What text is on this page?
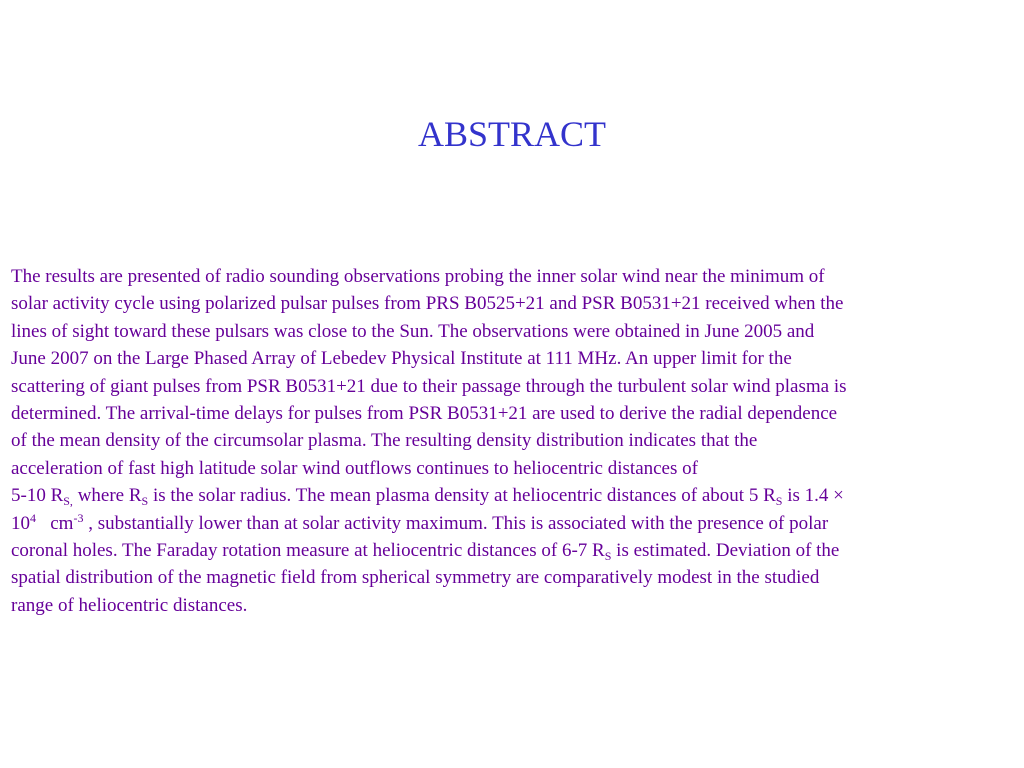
ABSTRACT
The results are presented of radio sounding observations probing the inner solar wind near the minimum of
solar activity cycle using polarized pulsar pulses from PRS B0525+21 and PSR B0531+21 received when the
lines of sight toward these pulsars was close to the Sun. The observations were obtained in June 2005 and
June 2007 on the Large Phased Array of Lebedev Physical Institute at 111 MHz. An upper limit for the
scattering of giant pulses from PSR B0531+21 due to their passage through the turbulent solar wind plasma is
determined. The arrival-time delays for pulses from PSR B0531+21 are used to derive the radial dependence
of the mean density of the circumsolar plasma. The resulting density distribution indicates that the
acceleration of fast high latitude solar wind outflows continues to heliocentric distances of
5-10 $R_{S,}$ where $R_S$ is the solar radius. The mean plasma density at heliocentric distances of about 5 $R_S$ is 1.4 ×
$10^4$   $cm^{-3}$ , substantially lower than at solar activity maximum. This is associated with the presence of polar
coronal holes. The Faraday rotation measure at heliocentric distances of 6-7 $R_S$ is estimated. Deviation of the
spatial distribution of the magnetic field from spherical symmetry are comparatively modest in the studied
range of heliocentric distances.
